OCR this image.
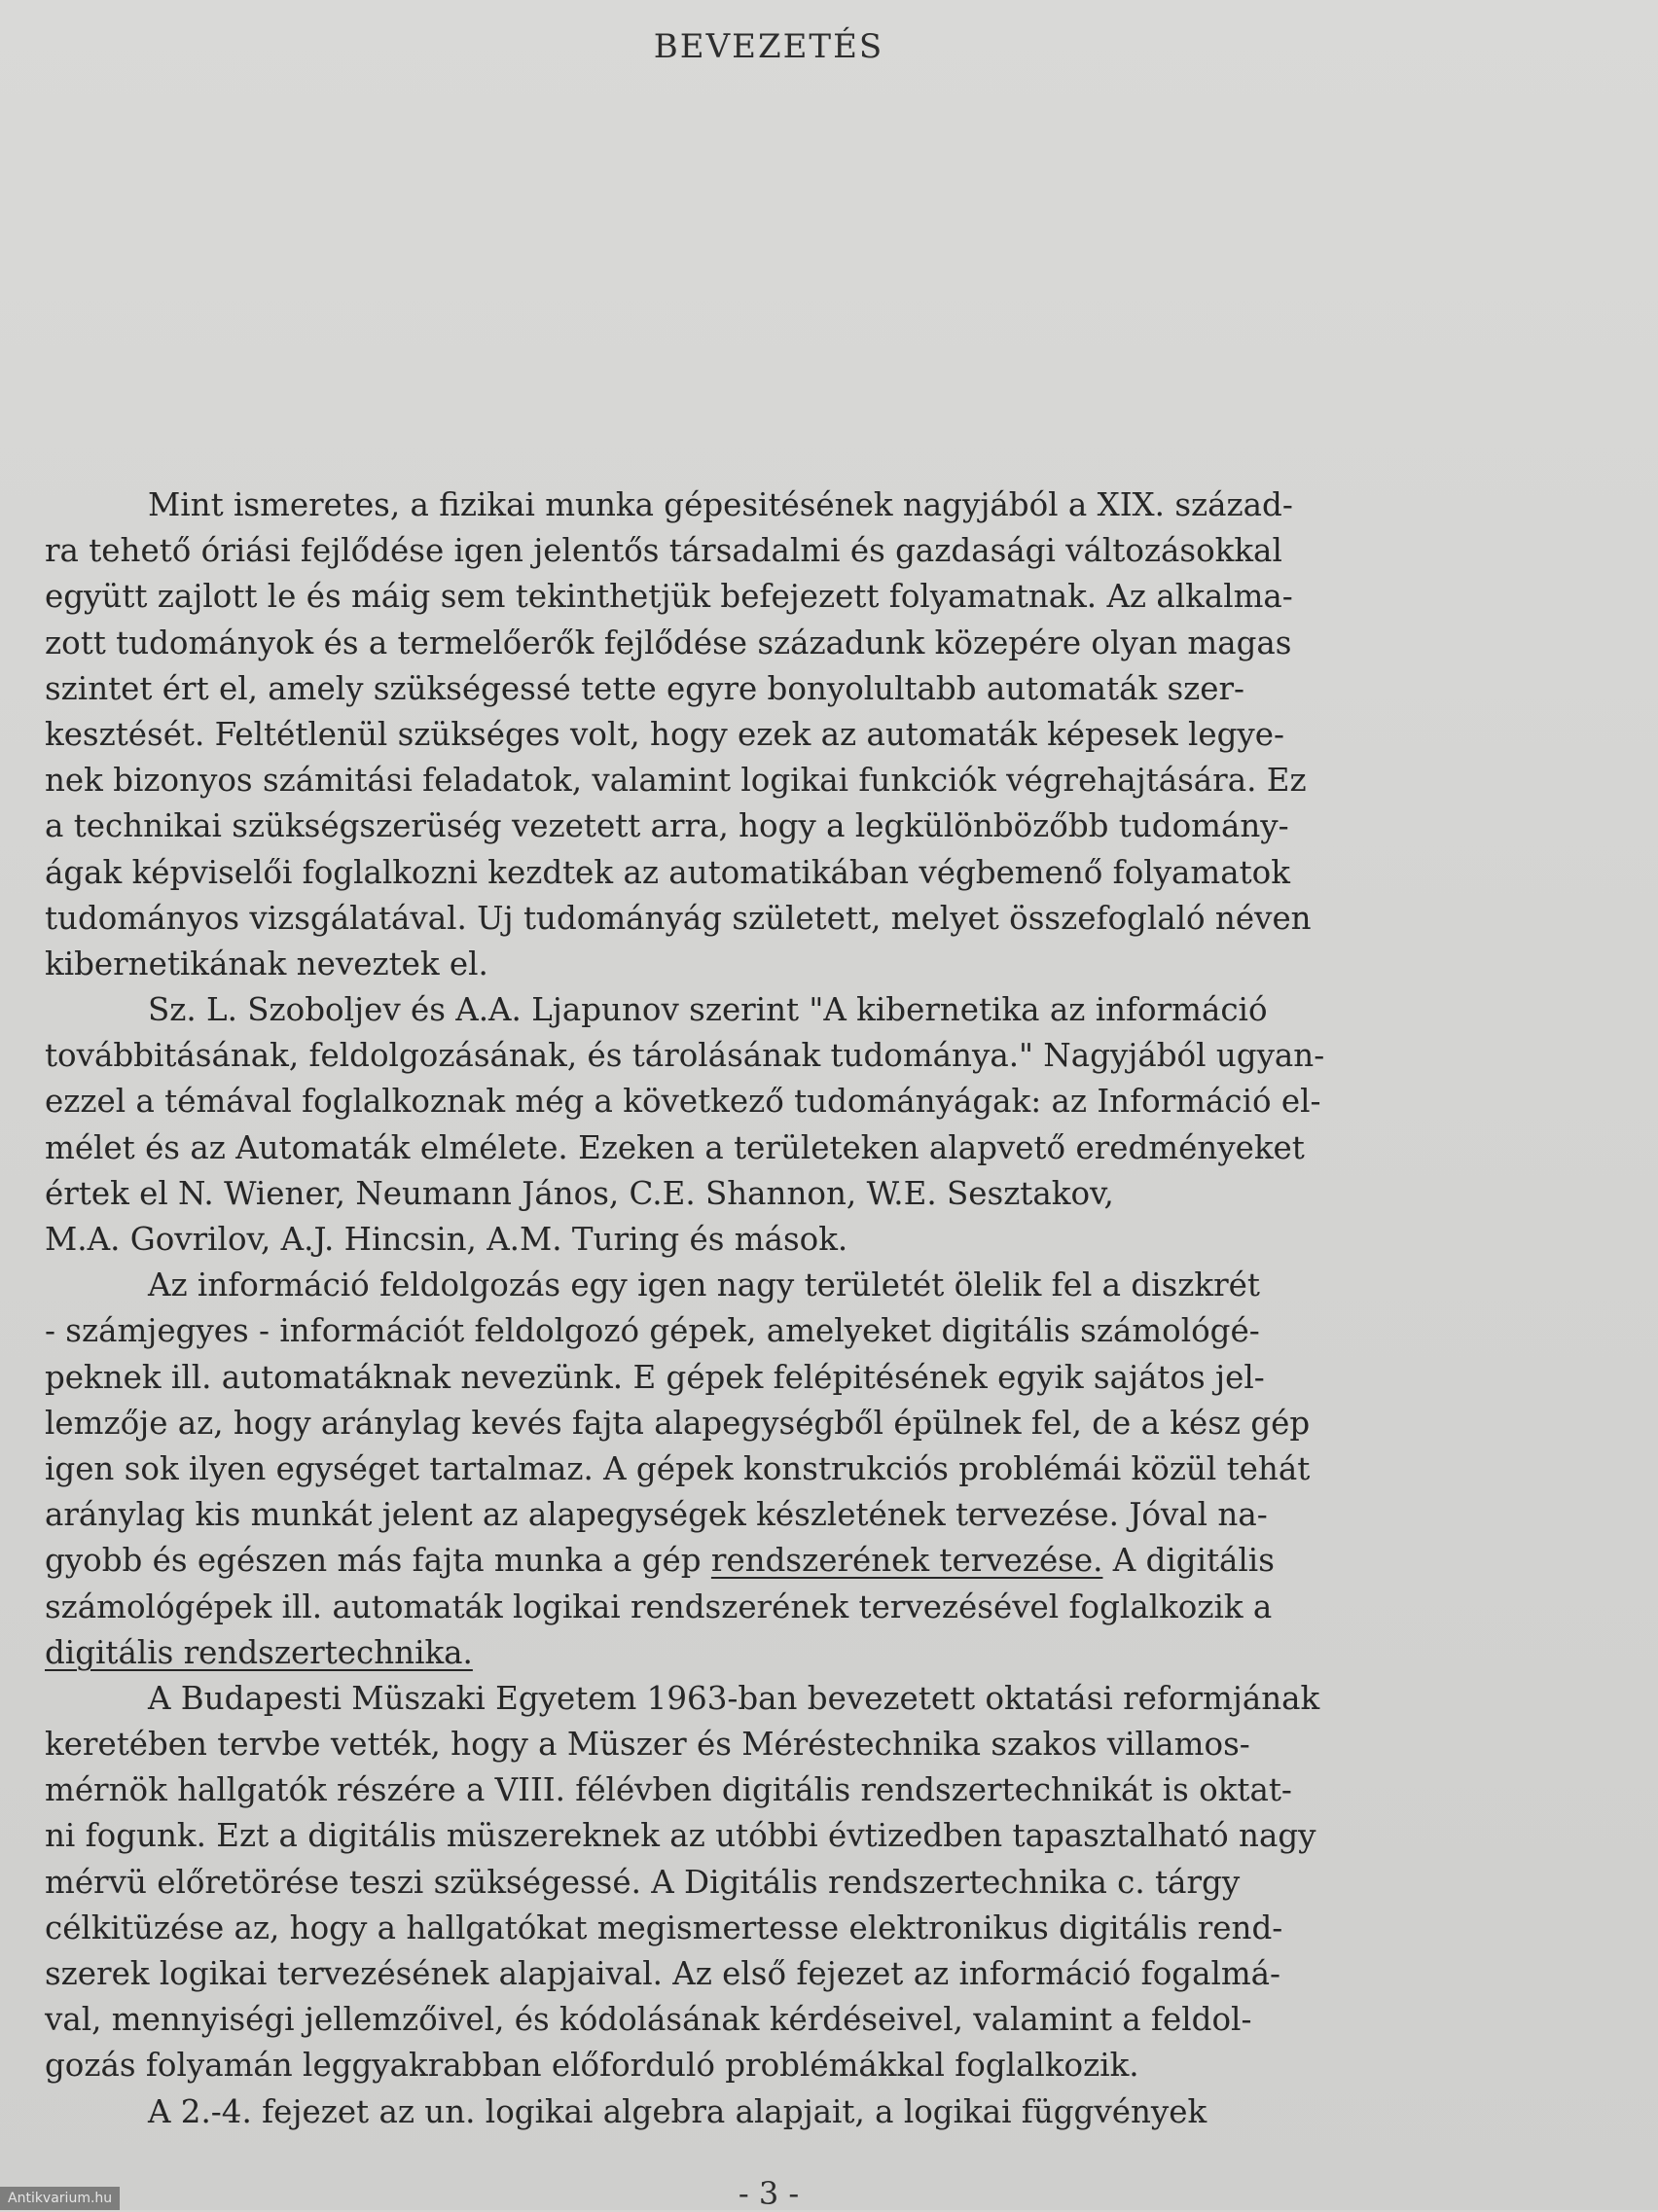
BEVEZETÉS
Mint ismeretes, a fizikai munka gépesitésének nagyjából a XIX. század-
ra tehető óriási fejlődése igen jelentős társadalmi és gazdasági változásokkal
együtt zajlott le és máig sem tekinthetjük befejezett folyamatnak. Az alkalma-
zott tudományok és a termelőerők fejlődése századunk közepére olyan magas
szintet ért el, amely szükségessé tette egyre bonyolultabb automaták szer-
kesztését. Feltétlenül szükséges volt, hogy ezek az automaták képesek legye-
nek bizonyos számitási feladatok, valamint logikai funkciók végrehajtására. Ez
a technikai szükségszerüség vezetett arra, hogy a legkülönbözőbb tudomány-
ágak képviselői foglalkozni kezdtek az automatikában végbemenő folyamatok
tudományos vizsgálatával. Uj tudományág született, melyet összefoglaló néven
kibernetikának neveztek el.
Sz. L. Szoboljev és A.A. Ljapunov szerint "A kibernetika az információ
továbbitásának, feldolgozásának, és tárolásának tudománya." Nagyjából ugyan-
ezzel a témával foglalkoznak még a következő tudományágak: az Információ el-
mélet és az Automaták elmélete. Ezeken a területeken alapvető eredményeket
értek el N. Wiener, Neumann János, C.E. Shannon, W.E. Sesztakov,
M.A. Govrilov, A.J. Hincsin, A.M. Turing és mások.
Az információ feldolgozás egy igen nagy területét ölelik fel a diszkrét
- számjegyes - információt feldolgozó gépek, amelyeket digitális számológé-
peknek ill. automatáknak nevezünk. E gépek felépitésének egyik sajátos jel-
lemzője az, hogy aránylag kevés fajta alapegységből épülnek fel, de a kész gép
igen sok ilyen egységet tartalmaz. A gépek konstrukciós problémái közül tehát
aránylag kis munkát jelent az alapegységek készletének tervezése. Jóval na-
gyobb és egészen más fajta munka a gép rendszerének tervezése. A digitális
számológépek ill. automaták logikai rendszerének tervezésével foglalkozik a
digitális rendszertechnika.
A Budapesti Müszaki Egyetem 1963-ban bevezetett oktatási reformjának
keretében tervbe vették, hogy a Müszer és Méréstechnika szakos villamos-
mérnök hallgatók részére a VIII. félévben digitális rendszertechnikát is oktat-
ni fogunk. Ezt a digitális müszereknek az utóbbi évtizedben tapasztalható nagy
mérvü előretörése teszi szükségessé. A Digitális rendszertechnika c. tárgy
célkitüzése az, hogy a hallgatókat megismertesse elektronikus digitális rend-
szerek logikai tervezésének alapjaival. Az első fejezet az információ fogalmá-
val, mennyiségi jellemzőivel, és kódolásának kérdéseivel, valamint a feldol-
gozás folyamán leggyakrabban előforduló problémákkal foglalkozik.
A 2.-4. fejezet az un. logikai algebra alapjait, a logikai függvények
- 3 -
Antikvarium.hu
